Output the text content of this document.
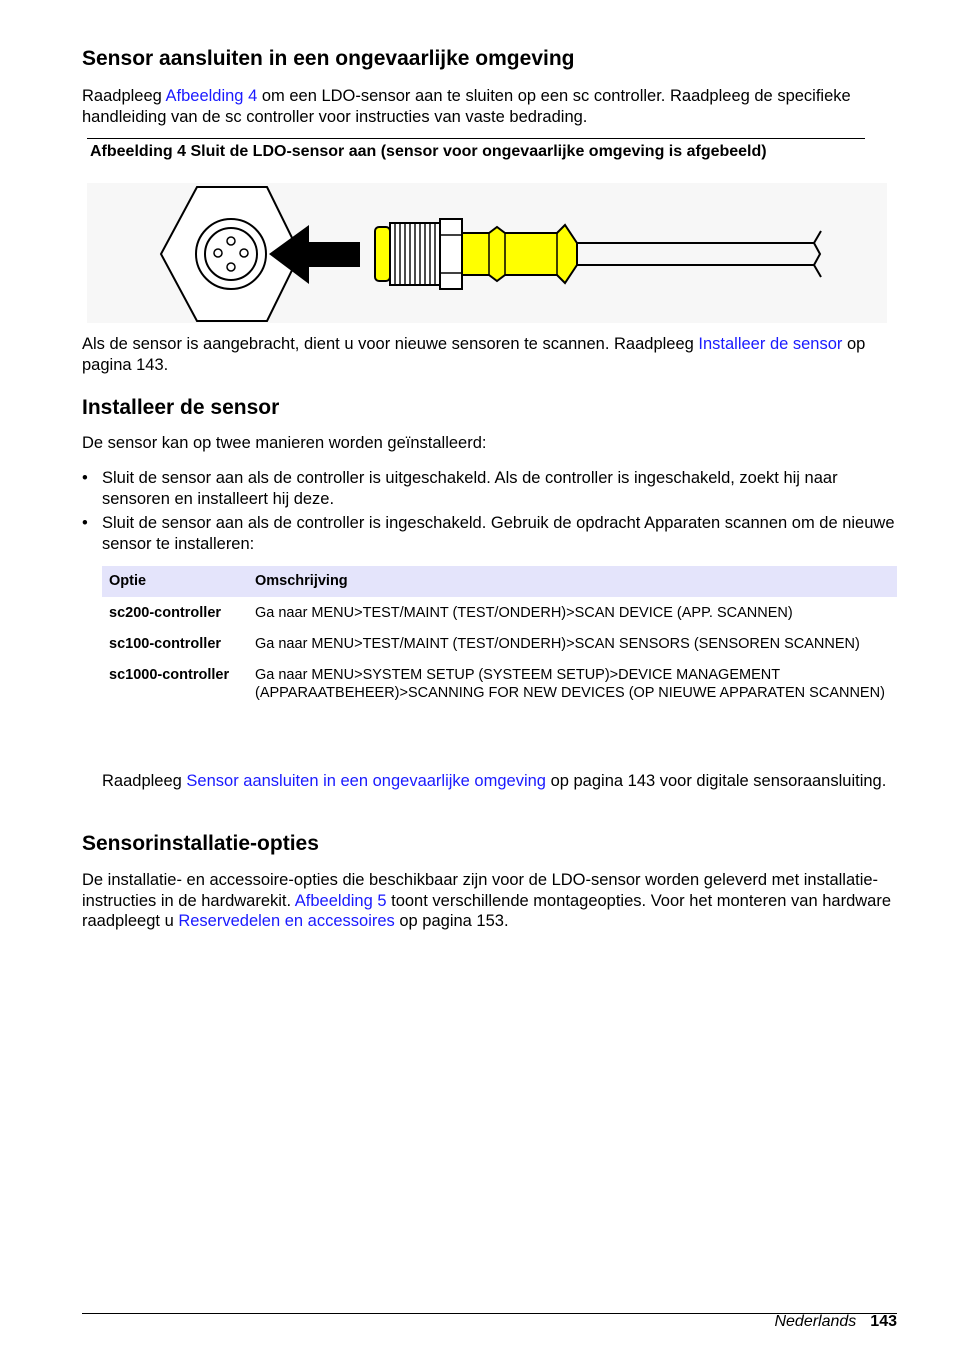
Sensor aansluiten in een ongevaarlijke omgeving

Raadpleeg Afbeelding 4 om een LDO-sensor aan te sluiten op een sc controller. Raadpleeg de specifieke handleiding van de sc controller voor instructies van vaste bedrading.

Afbeelding 4 Sluit de LDO-sensor aan (sensor voor ongevaarlijke omgeving is afgebeeld)

Als de sensor is aangebracht, dient u voor nieuwe sensoren te scannen. Raadpleeg Installeer de sensor op pagina 143.

Installeer de sensor

De sensor kan op twee manieren worden geïnstalleerd:

• Sluit de sensor aan als de controller is uitgeschakeld. Als de controller is ingeschakeld, zoekt hij naar sensoren en installeert hij deze.
• Sluit de sensor aan als de controller is ingeschakeld. Gebruik de opdracht Apparaten scannen om de nieuwe sensor te installeren:
Optie	Omschrijving
sc200-controller	Ga naar MENU>TEST/MAINT (TEST/ONDERH)>SCAN DEVICE (APP. SCANNEN)
sc100-controller	Ga naar MENU>TEST/MAINT (TEST/ONDERH)>SCAN SENSORS (SENSOREN SCANNEN)
sc1000-controller	Ga naar MENU>SYSTEM SETUP (SYSTEEM SETUP)>DEVICE MANAGEMENT (APPARAATBEHEER)>SCANNING FOR NEW DEVICES (OP NIEUWE APPARATEN SCANNEN)

Raadpleeg Sensor aansluiten in een ongevaarlijke omgeving op pagina 143 voor digitale sensoraansluiting.

Sensorinstallatie-opties

De installatie- en accessoire-opties die beschikbaar zijn voor de LDO-sensor worden geleverd met installatie-instructies in de hardwarekit. Afbeelding 5 toont verschillende montageopties. Voor het monteren van hardware raadpleegt u Reservedelen en accessoires op pagina 153.

Nederlands 143
